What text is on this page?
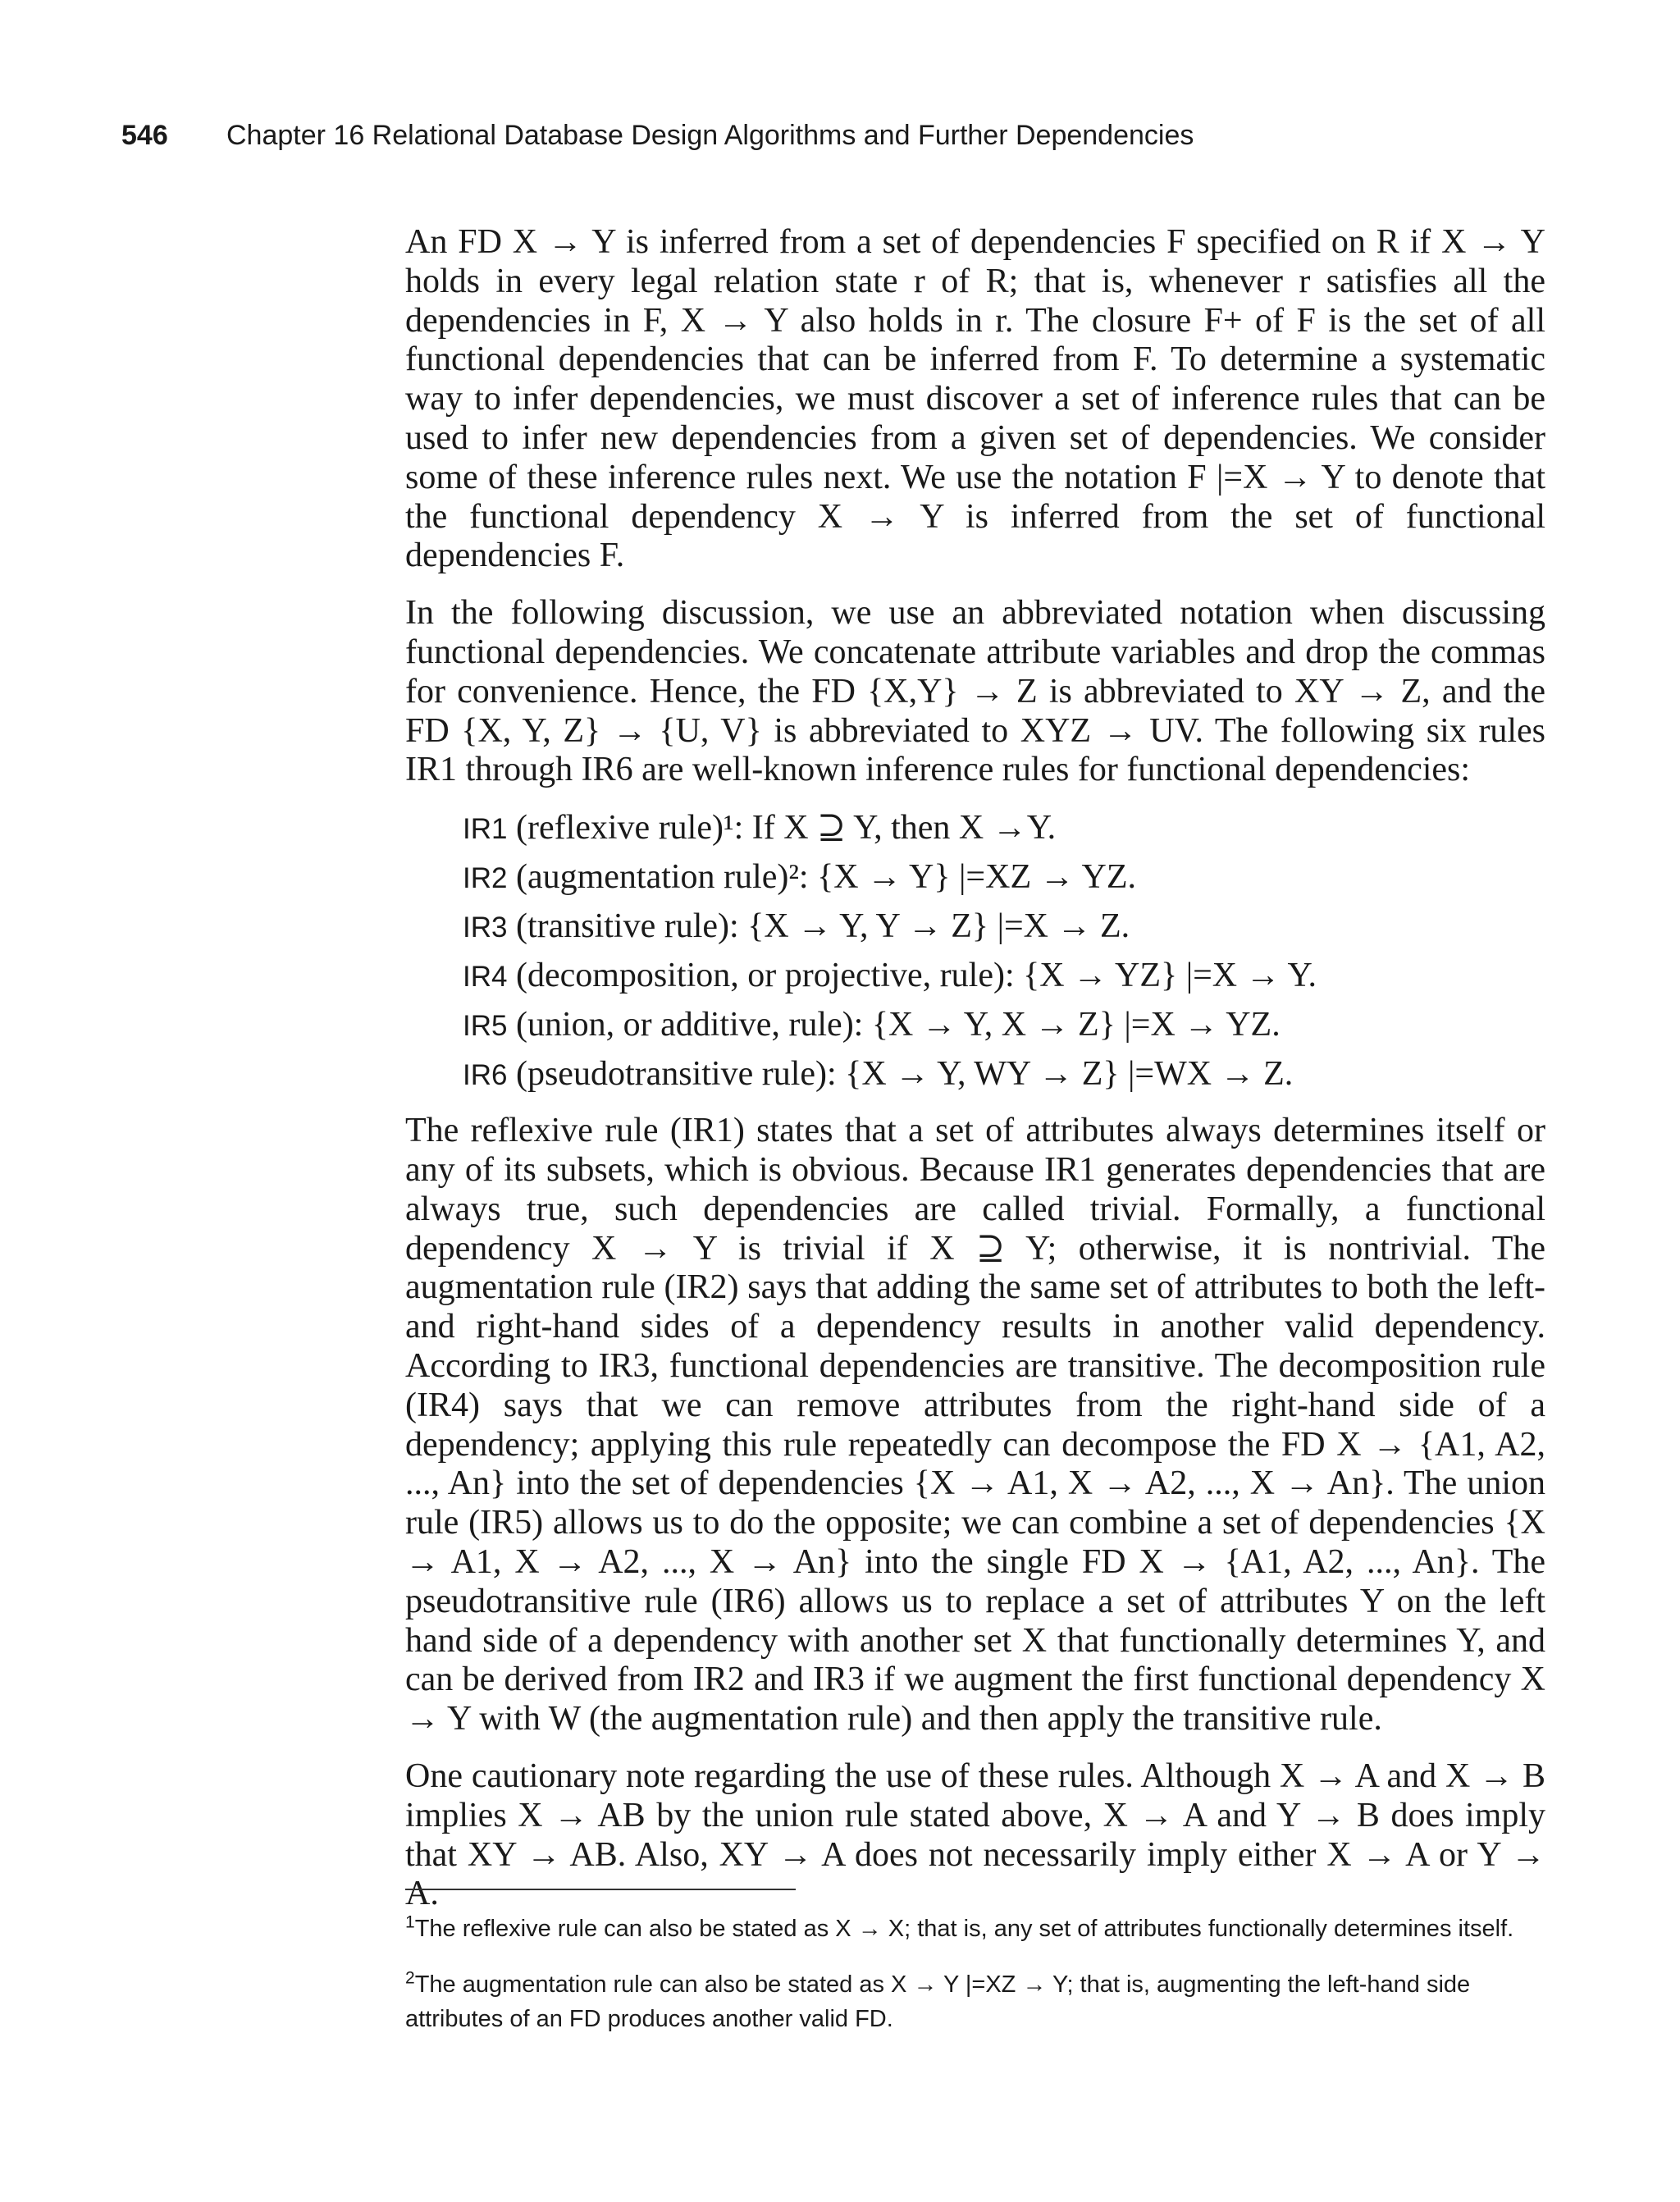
546 Chapter 16 Relational Database Design Algorithms and Further Dependencies

An FD X → Y is inferred from a set of dependencies F specified on R if X → Y holds in every legal relation state r of R; that is, whenever r satisfies all the dependencies in F, X → Y also holds in r. The closure F+ of F is the set of all functional dependencies that can be inferred from F. To determine a systematic way to infer dependencies, we must discover a set of inference rules that can be used to infer new dependencies from a given set of dependencies. We consider some of these inference rules next. We use the notation F |=X → Y to denote that the functional dependency X → Y is inferred from the set of functional dependencies F.

In the following discussion, we use an abbreviated notation when discussing functional dependencies. We concatenate attribute variables and drop the commas for convenience. Hence, the FD {X,Y} → Z is abbreviated to XY → Z, and the FD {X, Y, Z} → {U, V} is abbreviated to XYZ → UV. The following six rules IR1 through IR6 are well-known inference rules for functional dependencies:

IR1 (reflexive rule)¹: If X ⊇ Y, then X →Y.
IR2 (augmentation rule)²: {X → Y} |=XZ → YZ.
IR3 (transitive rule): {X → Y, Y → Z} |=X → Z.
IR4 (decomposition, or projective, rule): {X → YZ} |=X → Y.
IR5 (union, or additive, rule): {X → Y, X → Z} |=X → YZ.
IR6 (pseudotransitive rule): {X → Y, WY → Z} |=WX → Z.

The reflexive rule (IR1) states that a set of attributes always determines itself or any of its subsets, which is obvious. Because IR1 generates dependencies that are always true, such dependencies are called trivial. Formally, a functional dependency X → Y is trivial if X ⊇ Y; otherwise, it is nontrivial. The augmentation rule (IR2) says that adding the same set of attributes to both the left- and right-hand sides of a dependency results in another valid dependency. According to IR3, functional dependencies are transitive. The decomposition rule (IR4) says that we can remove attributes from the right-hand side of a dependency; applying this rule repeatedly can decompose the FD X → {A1, A2, ..., An} into the set of dependencies {X → A1, X → A2, ..., X → An}. The union rule (IR5) allows us to do the opposite; we can combine a set of dependencies {X → A1, X → A2, ..., X → An} into the single FD X → {A1, A2, ..., An}. The pseudotransitive rule (IR6) allows us to replace a set of attributes Y on the left hand side of a dependency with another set X that functionally determines Y, and can be derived from IR2 and IR3 if we augment the first functional dependency X → Y with W (the augmentation rule) and then apply the transitive rule.

One cautionary note regarding the use of these rules. Although X → A and X → B implies X → AB by the union rule stated above, X → A and Y → B does imply that XY → AB. Also, XY → A does not necessarily imply either X → A or Y → A.

$^1$The reflexive rule can also be stated as X → X; that is, any set of attributes functionally determines itself.

$^2$The augmentation rule can also be stated as X → Y |=XZ → Y; that is, augmenting the left-hand side attributes of an FD produces another valid FD.
